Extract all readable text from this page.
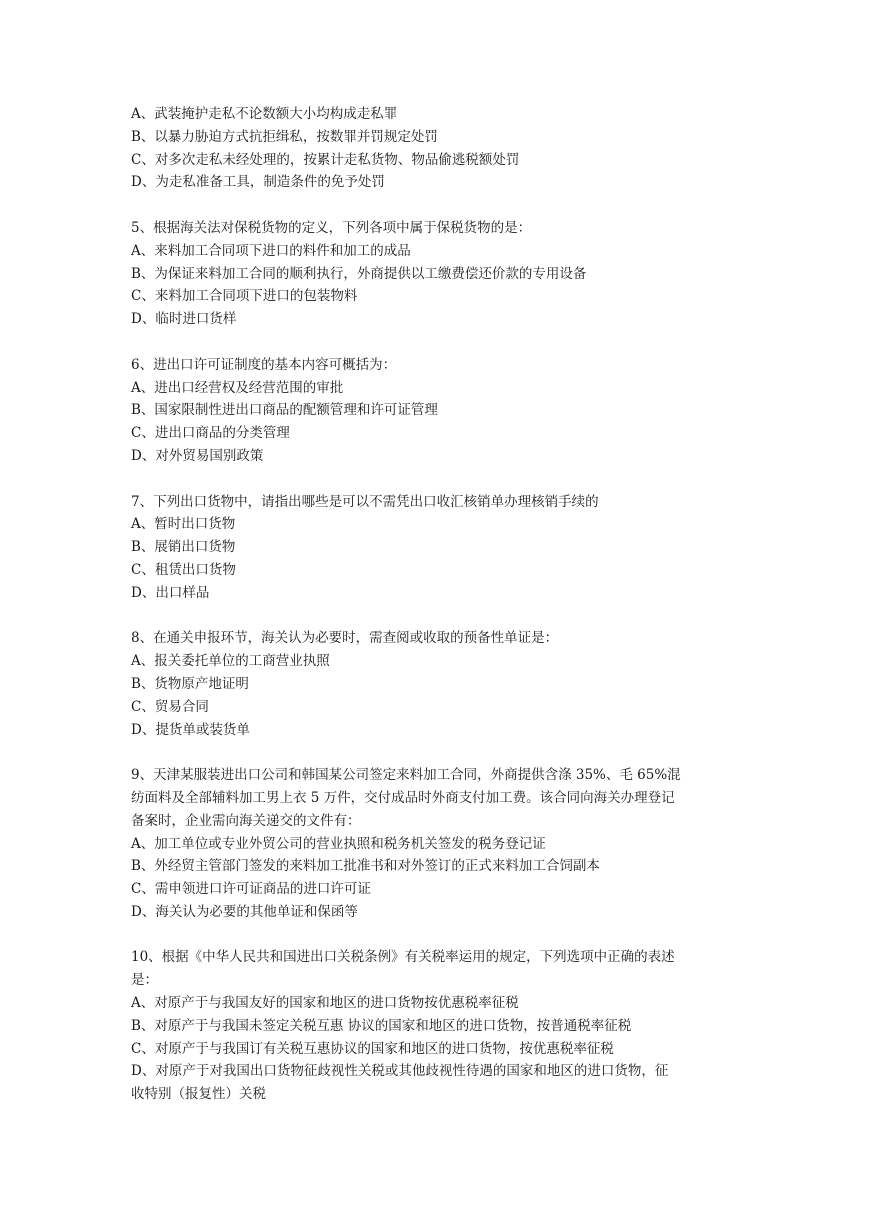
A、武装掩护走私不论数额大小均构成走私罪
B、以暴力胁迫方式抗拒缉私，按数罪并罚规定处罚
C、对多次走私未经处理的，按累计走私货物、物品偷逃税额处罚
D、为走私准备工具，制造条件的免予处罚
5、根据海关法对保税货物的定义，下列各项中属于保税货物的是：
A、来料加工合同项下进口的料件和加工的成品
B、为保证来料加工合同的顺利执行，外商提供以工缴费偿还价款的专用设备
C、来料加工合同项下进口的包装物料
D、临时进口货样
6、进出口许可证制度的基本内容可概括为：
A、进出口经营权及经营范围的审批
B、国家限制性进出口商品的配额管理和许可证管理
C、进出口商品的分类管理
D、对外贸易国别政策
7、下列出口货物中，请指出哪些是可以不需凭出口收汇核销单办理核销手续的
A、暂时出口货物
B、展销出口货物
C、租赁出口货物
D、出口样品
8、在通关申报环节，海关认为必要时，需查阅或收取的预备性单证是：
A、报关委托单位的工商营业执照
B、货物原产地证明
C、贸易合同
D、提货单或装货单
9、天津某服装进出口公司和韩国某公司签定来料加工合同，外商提供含涤 35%、毛 65%混
纺面料及全部辅料加工男上衣 5 万件，交付成品时外商支付加工费。该合同向海关办理登记
备案时，企业需向海关递交的文件有：
A、加工单位或专业外贸公司的营业执照和税务机关签发的税务登记证
B、外经贸主管部门签发的来料加工批准书和对外签订的正式来料加工合饲副本
C、需申领进口许可证商品的进口许可证
D、海关认为必要的其他单证和保函等
10、根据《中华人民共和国进出口关税条例》有关税率运用的规定，下列选项中正确的表述
是：
A、对原产于与我国友好的国家和地区的进口货物按优惠税率征税
B、对原产于与我国未签定关税互惠 协议的国家和地区的进口货物，按普通税率征税
C、对原产于与我国订有关税互惠协议的国家和地区的进口货物，按优惠税率征税
D、对原产于对我国出口货物征歧视性关税或其他歧视性待遇的国家和地区的进口货物，征
收特别（报复性）关税
